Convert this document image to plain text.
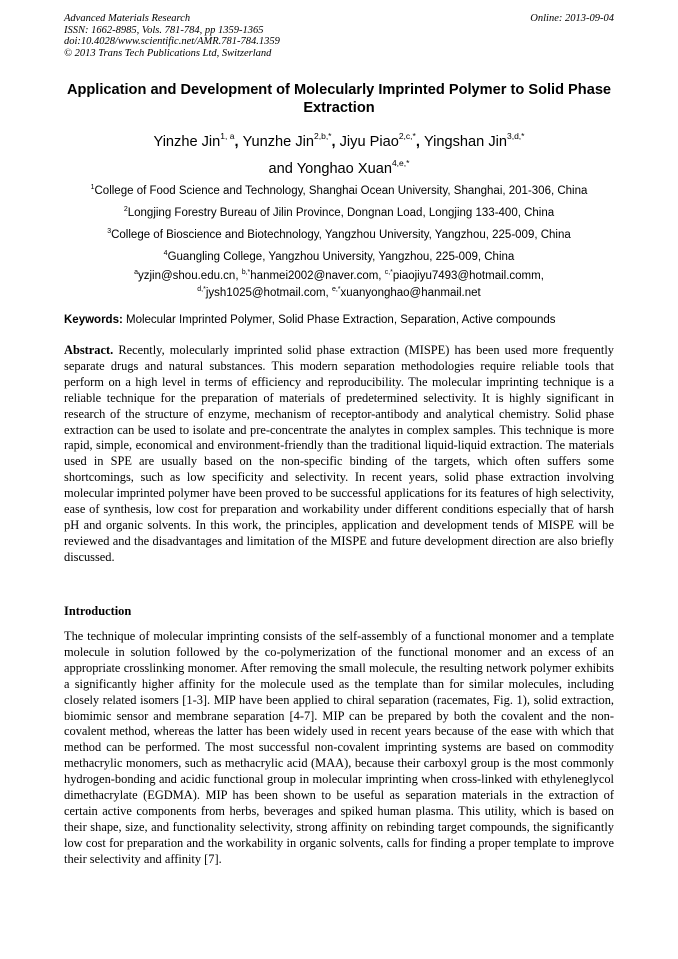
Advanced Materials Research
ISSN: 1662-8985, Vols. 781-784, pp 1359-1365
doi:10.4028/www.scientific.net/AMR.781-784.1359
© 2013 Trans Tech Publications Ltd, Switzerland
Online: 2013-09-04
Application and Development of Molecularly Imprinted Polymer to Solid Phase Extraction
Yinzhe Jin$^{1, a}$, Yunzhe Jin$^{2,b,*}$, Jiyu Piao$^{2,c,*}$, Yingshan Jin$^{3,d,*}$
and Yonghao Xuan$^{4,e,*}$
$^1$College of Food Science and Technology, Shanghai Ocean University, Shanghai, 201-306, China
$^2$Longjing Forestry Bureau of Jilin Province, Dongnan Load, Longjing 133-400, China
$^3$College of Bioscience and Biotechnology, Yangzhou University, Yangzhou, 225-009, China
$^4$Guangling College, Yangzhou University, Yangzhou, 225-009, China
$^a$yzjin@shou.edu.cn, $^{b,*}$hanmei2002@naver.com, $^{c,*}$piaojiyu7493@hotmail.comm,
$^{d,*}$jysh1025@hotmail.com, $^{e,*}$xuanyonghao@hanmail.net
Keywords: Molecular Imprinted Polymer, Solid Phase Extraction, Separation, Active compounds
Abstract. Recently, molecularly imprinted solid phase extraction (MISPE) has been used more frequently separate drugs and natural substances. This modern separation methodologies require reliable tools that perform on a high level in terms of efficiency and reproducibility. The molecular imprinting technique is a reliable technique for the preparation of materials of predetermined selectivity. It is highly significant in research of the structure of enzyme, mechanism of receptor-antibody and analytical chemistry. Solid phase extraction can be used to isolate and pre-concentrate the analytes in complex samples. This technique is more rapid, simple, economical and environment-friendly than the traditional liquid-liquid extraction. The materials used in SPE are usually based on the non-specific binding of the targets, which often suffers some shortcomings, such as low specificity and selectivity. In recent years, solid phase extraction involving molecular imprinted polymer have been proved to be successful applications for its features of high selectivity, ease of synthesis, low cost for preparation and workability under different conditions especially that of harsh pH and organic solvents. In this work, the principles, application and development tends of MISPE will be reviewed and the disadvantages and limitation of the MISPE and future development direction are also briefly discussed.
Introduction
The technique of molecular imprinting consists of the self-assembly of a functional monomer and a template molecule in solution followed by the co-polymerization of the functional monomer and an excess of an appropriate crosslinking monomer. After removing the small molecule, the resulting network polymer exhibits a significantly higher affinity for the molecule used as the template than for similar molecules, including closely related isomers [1-3]. MIP have been applied to chiral separation (racemates, Fig. 1), solid extraction, biomimic sensor and membrane separation [4-7]. MIP can be prepared by both the covalent and the non-covalent method, whereas the latter has been widely used in recent years because of the ease with which that method can be performed. The most successful non-covalent imprinting systems are based on commodity methacrylic monomers, such as methacrylic acid (MAA), because their carboxyl group is the most commonly hydrogen-bonding and acidic functional group in molecular imprinting when cross-linked with ethyleneglycol dimethacrylate (EGDMA). MIP has been shown to be useful as separation materials in the extraction of certain active components from herbs, beverages and spiked human plasma. This utility, which is based on their shape, size, and functionality selectivity, strong affinity on rebinding target compounds, the significantly low cost for preparation and the workability in organic solvents, calls for finding a proper template to improve their selectivity and affinity [7].
